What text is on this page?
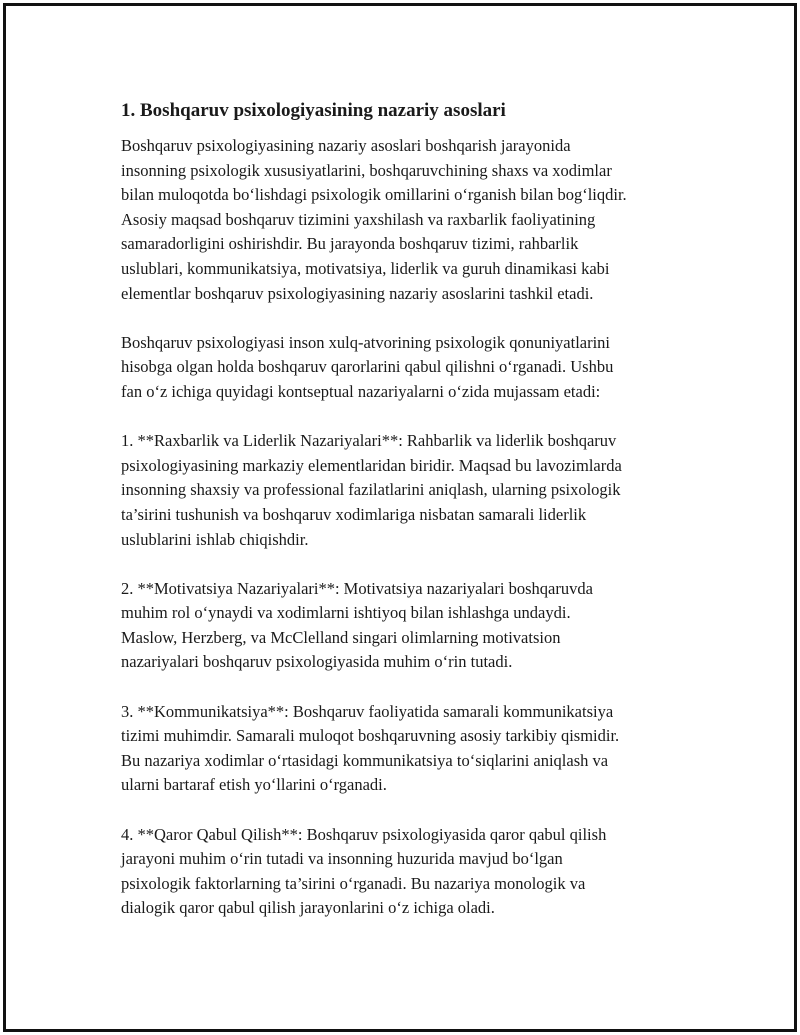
1. Boshqaruv psixologiyasining nazariy asoslari
Boshqaruv psixologiyasining nazariy asoslari boshqarish jarayonida
insonning psixologik xususiyatlarini, boshqaruvchining shaxs va xodimlar
bilan muloqotda bo‘lishdagi psixologik omillarini o‘rganish bilan bog‘liqdir.
Asosiy maqsad boshqaruv tizimini yaxshilash va raxbarlik faoliyatining
samaradorligini oshirishdir. Bu jarayonda boshqaruv tizimi, rahbarlik
uslublari, kommunikatsiya, motivatsiya, liderlik va guruh dinamikasi kabi
elementlar boshqaruv psixologiyasining nazariy asoslarini tashkil etadi.
Boshqaruv psixologiyasi inson xulq-atvorining psixologik qonuniyatlarini
hisobga olgan holda boshqaruv qarorlarini qabul qilishni o‘rganadi. Ushbu
fan o‘z ichiga quyidagi kontseptual nazariyalarni o‘zida mujassam etadi:
1. **Raxbarlik va Liderlik Nazariyalari**: Rahbarlik va liderlik boshqaruv
psixologiyasining markaziy elementlaridan biridir. Maqsad bu lavozimlarda
insonning shaxsiy va professional fazilatlarini aniqlash, ularning psixologik
ta’sirini tushunish va boshqaruv xodimlariga nisbatan samarali liderlik
uslublarini ishlab chiqishdir.
2. **Motivatsiya Nazariyalari**: Motivatsiya nazariyalari boshqaruvda
muhim rol o‘ynaydi va xodimlarni ishtiyoq bilan ishlashga undaydi.
Maslow, Herzberg, va McClelland singari olimlarning motivatsion
nazariyalari boshqaruv psixologiyasida muhim o‘rin tutadi.
3. **Kommunikatsiya**: Boshqaruv faoliyatida samarali kommunikatsiya
tizimi muhimdir. Samarali muloqot boshqaruvning asosiy tarkibiy qismidir.
Bu nazariya xodimlar o‘rtasidagi kommunikatsiya to‘siqlarini aniqlash va
ularni bartaraf etish yo‘llarini o‘rganadi.
4. **Qaror Qabul Qilish**: Boshqaruv psixologiyasida qaror qabul qilish
jarayoni muhim o‘rin tutadi va insonning huzurida mavjud bo‘lgan
psixologik faktorlarning ta’sirini o‘rganadi. Bu nazariya monologik va
dialogik qaror qabul qilish jarayonlarini o‘z ichiga oladi.
